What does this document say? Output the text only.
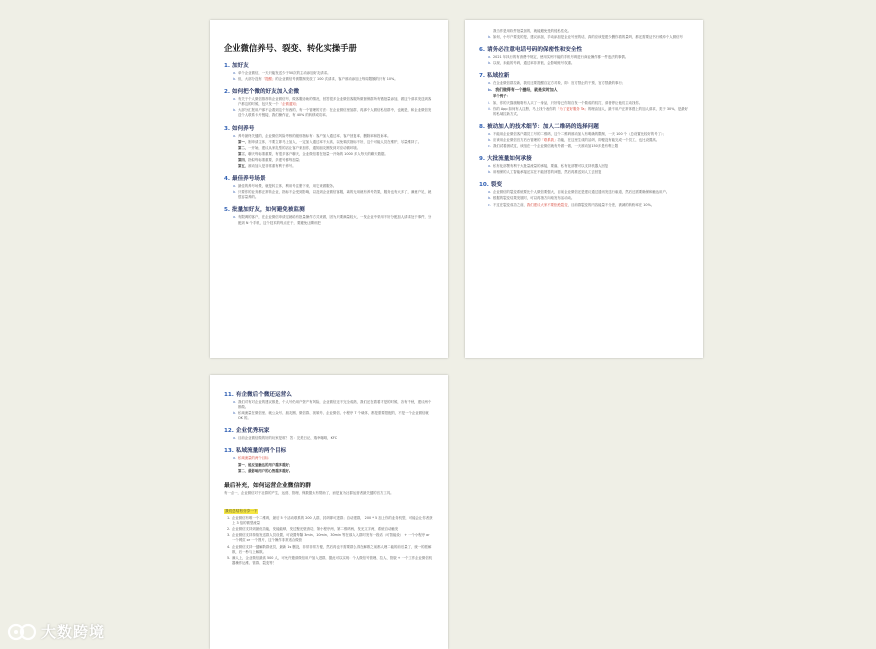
企业微信养号、裂变、转化实操手册
1. 加好友
a. 单个企业微信，一天只能发送少于50次的主动添加好友请求。
b. 但，大部分没有「提醒」的企业微信号被限制发放了 100 次请求，客户被动添加上每周限额的只有 10%。
2. 如何把个微的好友加入企微
a. 有关于个人微信推荐转企业微信号，做客服协助的情况，回答很多企业微信客服所做督保群所有错批量添加，做这个请求发送到客户都这的时候，包只发一个「企微通知」
b. 大部分汇报用户那不会看到这个东西的，有一个管理的方法：在企业微信里加群，再那个人微信私信群中，也就是，和企业微信发送个人联系卡片链接，我们操作证，有 40% 的转移成功率。
3. 如何养号
a. 养号最终关键的，企业微信风险考核的级别指标有：客户加入通过率、客户回复率、删除率和投诉率。
第一、刚申请主体，不要立即马上加人，一定加入通过率不太高，以免频次指标不好，这个可能人员在维护，尽量维持了。
第二、一开始，建议从家乳型的活让客户来加你，通知朋友圈发到对应动微环境。
第三、聊天每标准重要，有很多客户聊天，企业微信看在批量一开始的 1000 多人每天的聊天数据。
第四、指似每标准重要，多建号都每加量；
第五、被动加入是非常重有利于养号。
4. 最佳养号场景
a. 最佳的养号场景，就是转主体，利用号注册下来，用它来做服务。
b. 只要你的业务都正常转企业，指标不会受到影响，以及到企业微信客服，离的无用就有养号效果，服务也有大多了，满意户足，就很容量养的。
5. 批量加好友，如何避免被监测
a. 有限调的客户，在企业微信申请过就给有批量操作方式来做，因为只要满量较大，一发企业中采用不好分配加人请求处于事件，分配到 N 个手机，这个技术的每点在于，要避免让腾讯把
我当作是用软件批量加的，就能避免受的侵私性化。
b. 如何，小号户要变的是，建议添加，手动添加是企业号里的话，真的应该是建少删你看的量吗，都还需要证书行缓冲个人微信号
6. 请务必注意电话号码的保密性和安全性
a. 2021 年执行的有消费中规定，使用实例不能的手机号码进行商业操作都一件违法的事情。
b. 以现，未能的号码，通过率非常低，会影响账号权重。
7. 私域拉新
a. 在企业微信群拉新，我们还要提醒自定方对象，即：官方禁止的干预，官方禁最的事行；
b. 我们做得有一个圈经，就是实时加人
举个例子：
i. 如，你的天猫旗舰咯有人买了一身品，只好待已你知自发一个做成的权打，请者停让他们主动找你。
ii. 你的 App 如何有人注册，马上找个表你的「为了更好服务 Ta」的理由加人，最不用户正常体感上的加人请求，类于 30%，是最好的私域拉新方式。
8. 被动加人的技术细节：加人二维码的选择问题
a. 不能用企业微信客户端员工号的二维码，这个二维码被动加入有明确的限制，一天 100 个（总设置比较好的号了）；
b. 应该用企业微信官方后台管理的「联系我」功能，在这里生成的活码，即便没有能完成一个员工，也比设置高。
c. 我们试着测试过，该组在一个企业微信就有外做一做，一天被动加150多是有利上限
9. 大批流量如何承接
a. 私有化部署有利于大批量流量的承接，要落，私有化部署可以支持机器人回复
b. 用相保的人工智能承接还实在不能回答的问题，然后再推送到人工去回复
10. 裂变
a. 企业微信的裂变系统要比个人微信要强大，目前企业微信还是建议通过通讯发送行驱道，然后还需要确保和触达用户。
b. 根据的裂变结果发展时，可以再指方向取发布活动动。
c. 不过在裂变成功之前，我们建议大家不要拒绝裂变，目前群裂变的内容能量不分差，被减的转粉率在 10%。
11. 有企微后个微还运营么
a. 我们对有对企业的建议都是，个人号仍用户资产有风险，企业微信还不完全成熟，我们还在着着才是的时候，各有千秋，建议两个都做。
b. 私域流量在微信里、就公众号、朋友圈、微信群、视频号、企业微信、小程序 7 个载体，都是需要搭配的，不是一个企业微信就 OK 的。
12. 企业优秀玩家
a. 目前企业微信做的好的玩家是谁？ 答：完美日记、瑞幸咖啡，KFC
13. 私域流量的两个目标
a. 私域流量的两个目标
第一、能反复触达的用户越多越好；
第二、最影响用户的心智越多越好。
最后补充，如何运营企业微信的群
有一点一，企业微信对于社群的产生，运营、管理、保数据太有帮助了，而是直为社群运营者最关键的官方工具。
我们总结有分享一下
1. 企业微信有唯一个二维码，最后 5 个活动联系的 200 人群，封码即可进群；自动建群， 200 * 5 加上你的业务机型，可能会让你者获上 3 倍的微型流量
2. 企业微信支持到最优功能，发能能够，发过聚光壁消功，第小程序两，第二维码两，发光文字两，系统自动触发
3. 企业微信支持持续发送群人员设置，可设置每隔 3min、10min、30min 等在那人入群时发布一段话（可智能设） + 一个小程序 or 一个网页 or 一个图片，这个操作非常适合做营
4. 企业微信支持一键解散群优员，最新 1s 删没，非常非常方便，然后再也不需要群么得在解散之前都人理二能的前后量了，统一的派解散，后一秒与上解散。
5. 满人上，企业微信最高 500 人，可允许邀请微信用户加入进群，据此可以实现：个人微信号管理、拉人、管版 + 一个工作企业微信机器操作运维、管群、裂变等！
大数跨境
